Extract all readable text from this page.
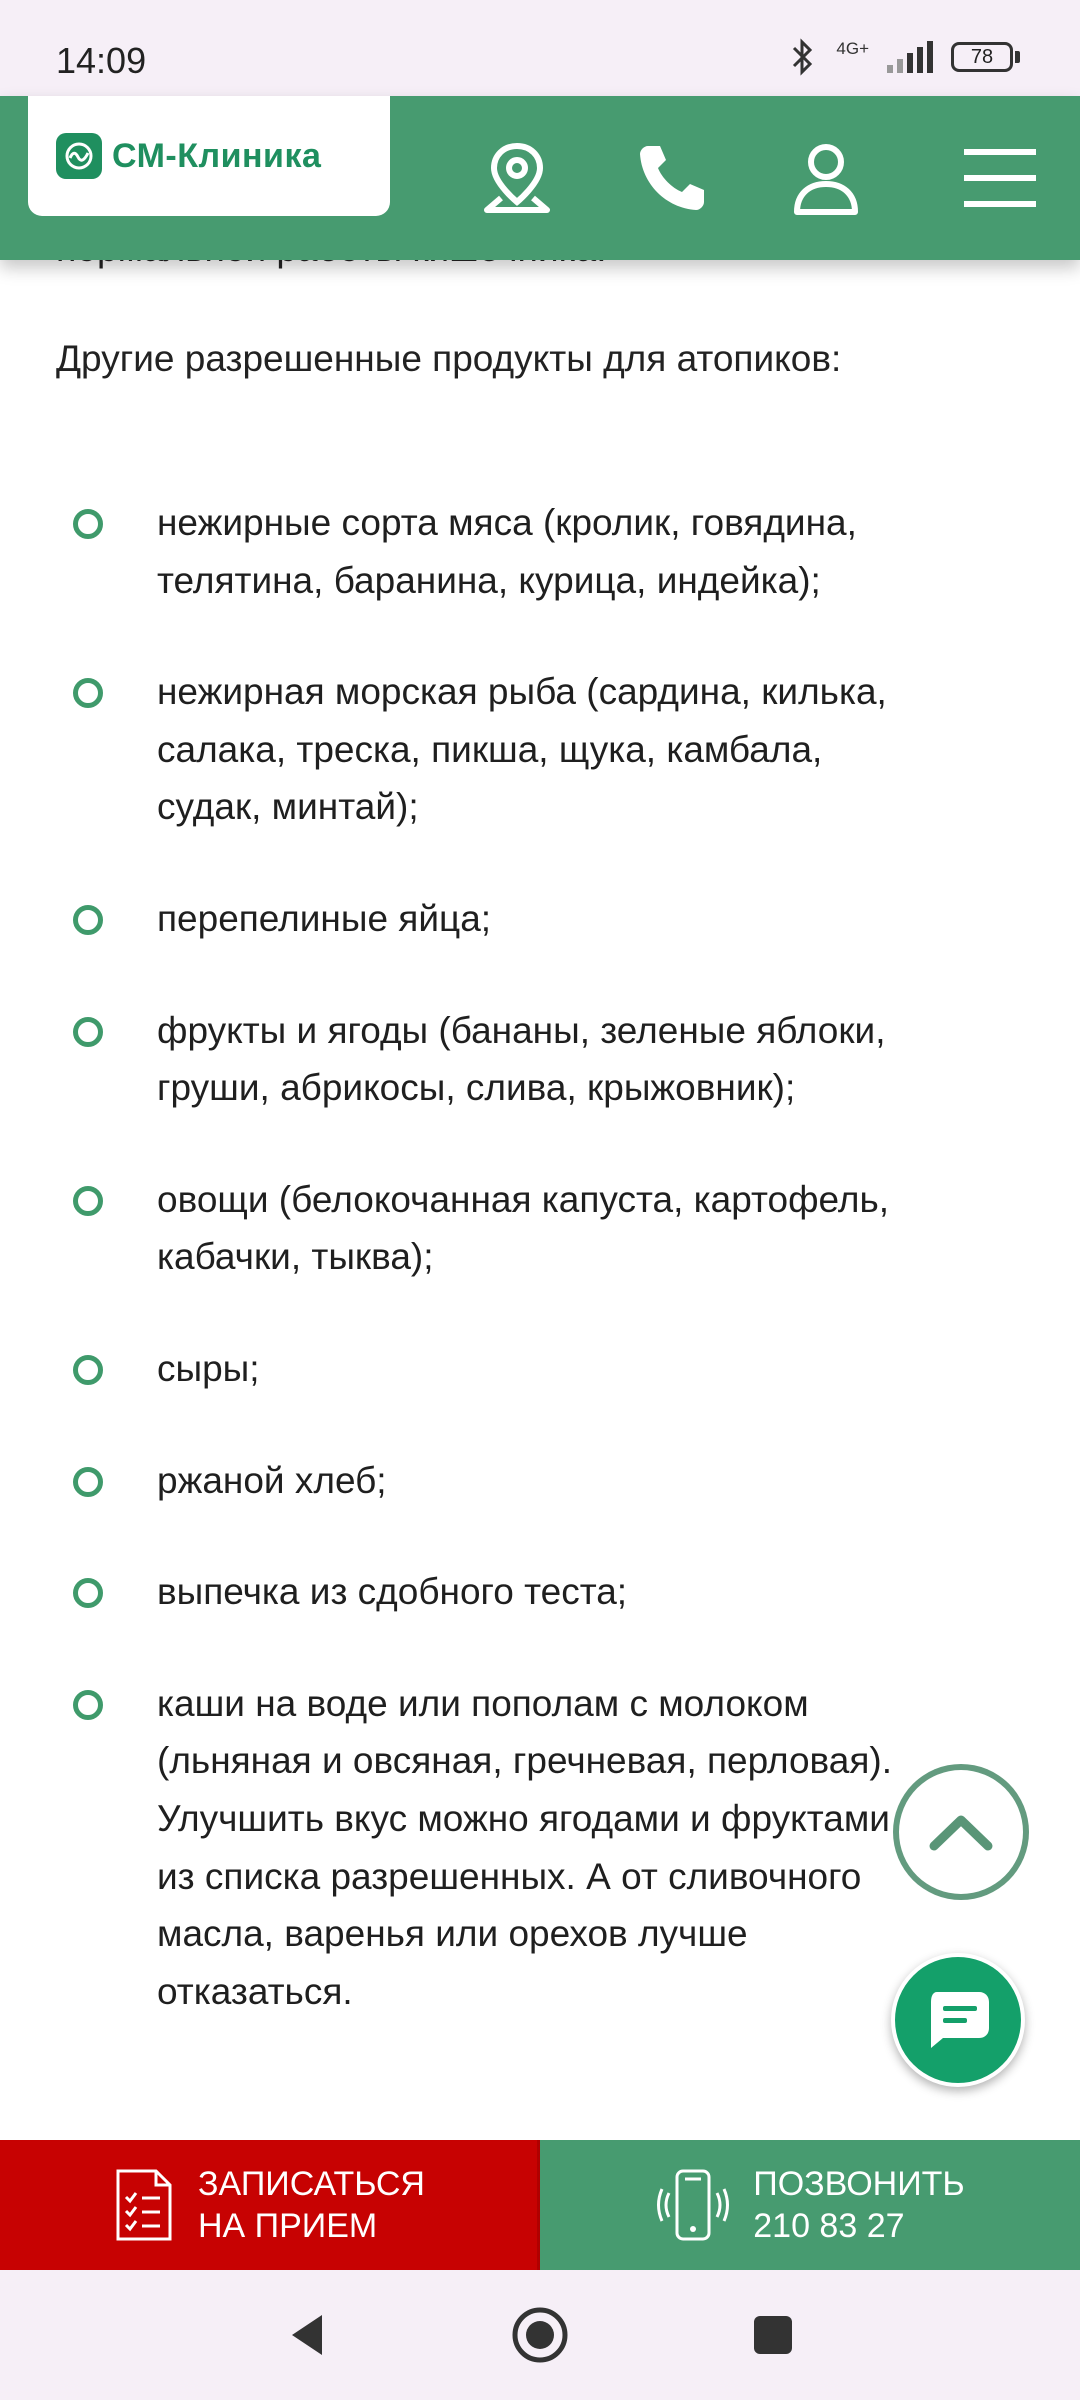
14:09	4G+	78
СМ-Клиника
Другие разрешенные продукты для атопиков:
нежирные сорта мяса (кролик, говядина,
телятина, баранина, курица, индейка);
нежирная морская рыба (сардина, килька,
салака, треска, пикша, щука, камбала,
судак, минтай);
перепелиные яйца;
фрукты и ягоды (бананы, зеленые яблоки,
груши, абрикосы, слива, крыжовник);
овощи (белокочанная капуста, картофель,
кабачки, тыква);
сыры;
ржаной хлеб;
выпечка из сдобного теста;
каши на воде или пополам с молоком
(льняная и овсяная, гречневая, перловая).
Улучшить вкус можно ягодами и фруктами
из списка разрешенных. А от сливочного
масла, варенья или орехов лучше
отказаться.
ЗАПИСАТЬСЯ
НА ПРИЕМ
ПОЗВОНИТЬ
210 83 27
